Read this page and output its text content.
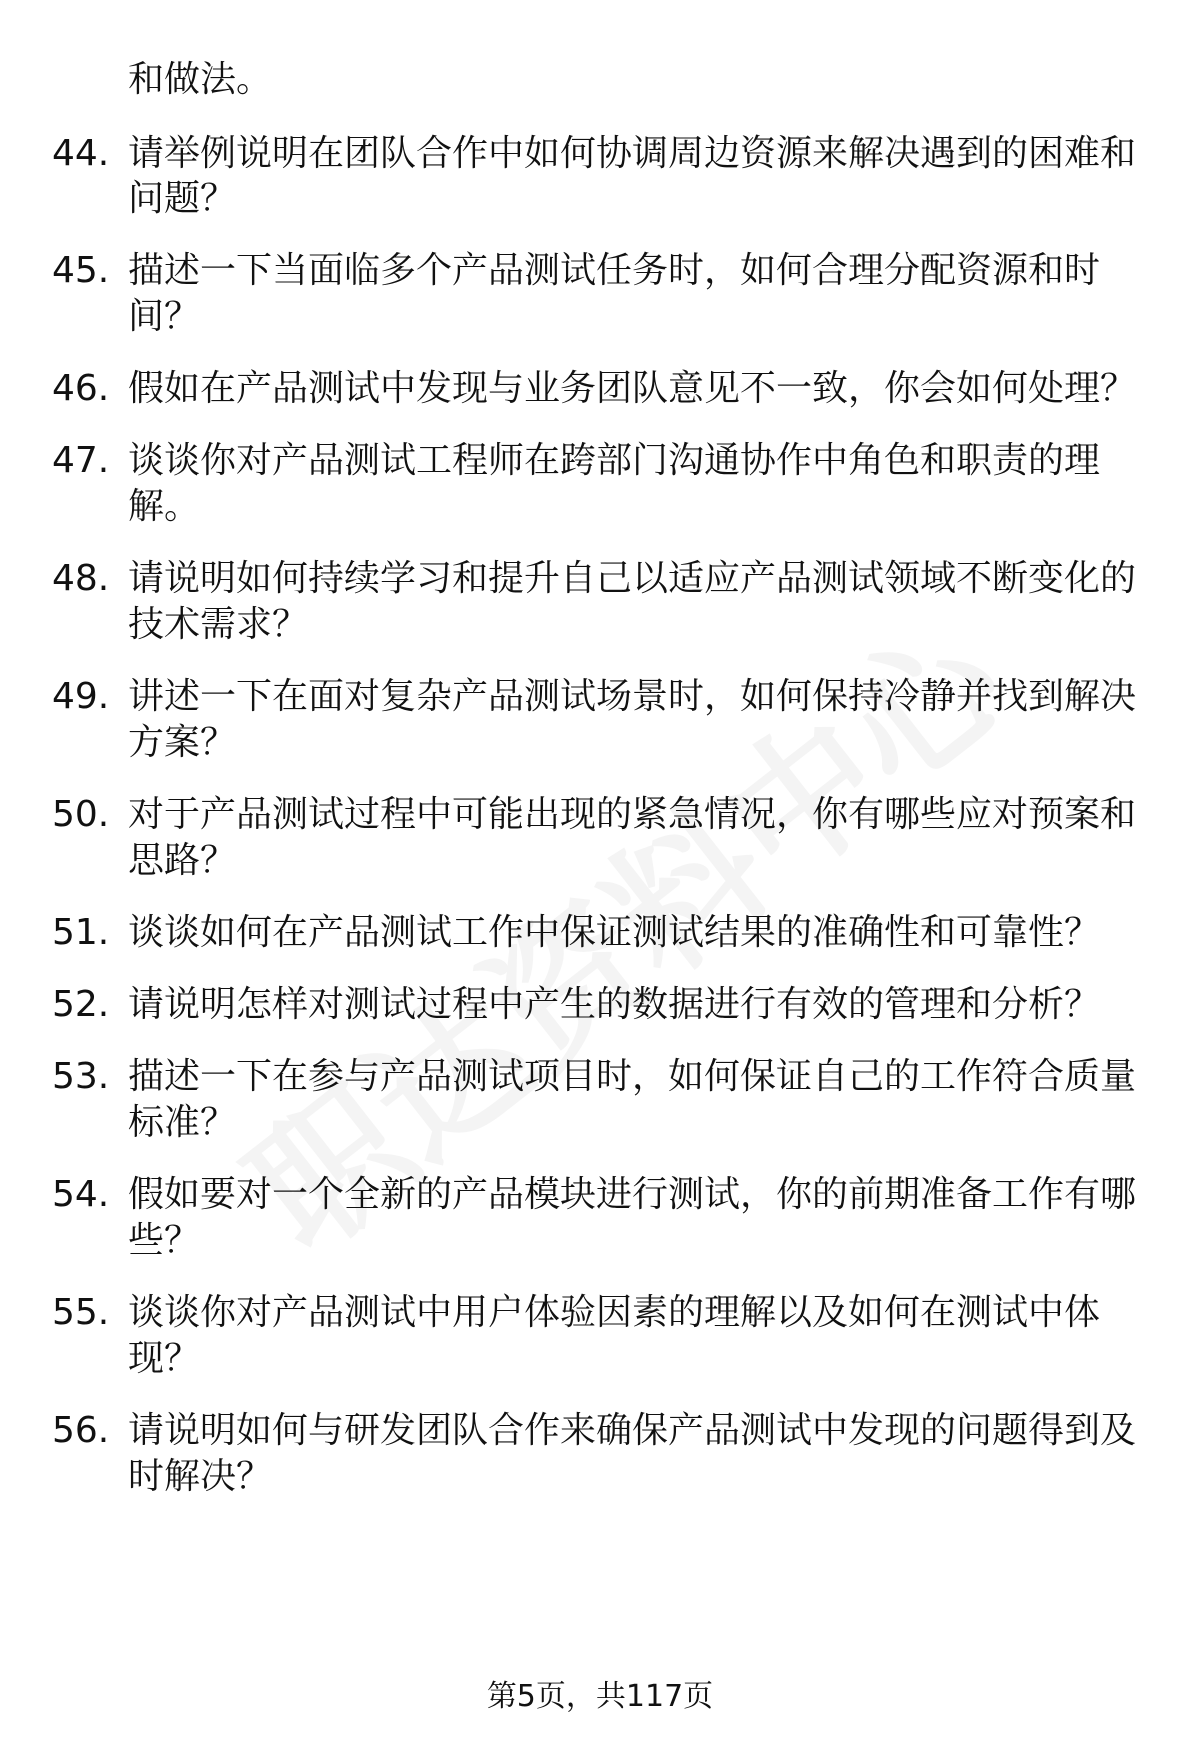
和做法。
44. 请举例说明在团队合作中如何协调周边资源来解决遇到的困难和
问题？
45. 描述一下当面临多个产品测试任务时，如何合理分配资源和时
间？
46. 假如在产品测试中发现与业务团队意见不一致，你会如何处理？
47. 谈谈你对产品测试工程师在跨部门沟通协作中角色和职责的理
解。
48. 请说明如何持续学习和提升自己以适应产品测试领域不断变化的
技术需求？
49. 讲述一下在面对复杂产品测试场景时，如何保持冷静并找到解决
方案？
50. 对于产品测试过程中可能出现的紧急情况，你有哪些应对预案和
思路？
51. 谈谈如何在产品测试工作中保证测试结果的准确性和可靠性？
52. 请说明怎样对测试过程中产生的数据进行有效的管理和分析？
53. 描述一下在参与产品测试项目时，如何保证自己的工作符合质量
标准？
54. 假如要对一个全新的产品模块进行测试，你的前期准备工作有哪
些？
55. 谈谈你对产品测试中用户体验因素的理解以及如何在测试中体
现？
56. 请说明如何与研发团队合作来确保产品测试中发现的问题得到及
时解决？
第5页，共117页
